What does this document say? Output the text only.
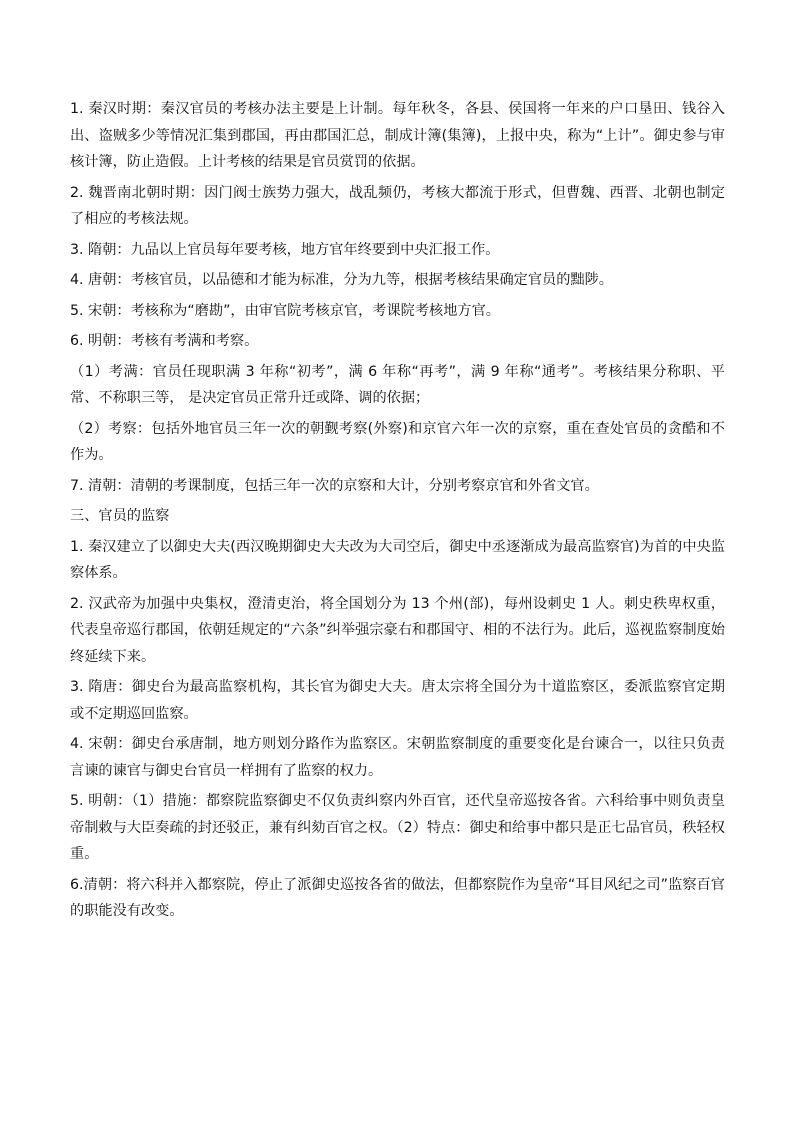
1. 秦汉时期：秦汉官员的考核办法主要是上计制。每年秋冬，各县、侯国将一年来的户口垦田、钱谷入出、盗贼多少等情况汇集到郡国，再由郡国汇总，制成计簿(集簿)，上报中央，称为“上计”。御史参与审核计簿，防止造假。上计考核的结果是官员赏罚的依据。

2. 魏晋南北朝时期：因门阀士族势力强大，战乱频仍，考核大都流于形式，但曹魏、西晋、北朝也制定了相应的考核法规。

3. 隋朝：九品以上官员每年要考核，地方官年终要到中央汇报工作。

4. 唐朝：考核官员，以品德和才能为标准，分为九等，根据考核结果确定官员的黜陟。

5. 宋朝：考核称为“磨勘”，由审官院考核京官，考课院考核地方官。

6. 明朝：考核有考满和考察。

（1）考满：官员任现职满 3 年称“初考”，满 6 年称“再考”，满 9 年称“通考”。考核结果分称职、平常、不称职三等， 是决定官员正常升迁或降、调的依据；

（2）考察：包括外地官员三年一次的朝觐考察(外察)和京官六年一次的京察，重在查处官员的贪酷和不作为。

7. 清朝：清朝的考课制度，包括三年一次的京察和大计，分别考察京官和外省文官。

三、官员的监察

1. 秦汉建立了以御史大夫(西汉晚期御史大夫改为大司空后，御史中丞逐渐成为最高监察官)为首的中央监察体系。

2. 汉武帝为加强中央集权，澄清吏治，将全国划分为 13 个州(部)，每州设刺史 1 人。刺史秩卑权重，代表皇帝巡行郡国，依朝廷规定的“六条”纠举强宗豪右和郡国守、相的不法行为。此后，巡视监察制度始终延续下来。

3. 隋唐：御史台为最高监察机构，其长官为御史大夫。唐太宗将全国分为十道监察区，委派监察官定期或不定期巡回监察。

4. 宋朝：御史台承唐制，地方则划分路作为监察区。宋朝监察制度的重要变化是台谏合一，以往只负责言谏的谏官与御史台官员一样拥有了监察的权力。

5. 明朝：（1）措施：都察院监察御史不仅负责纠察内外百官，还代皇帝巡按各省。六科给事中则负责皇帝制敕与大臣奏疏的封还驳正，兼有纠劾百官之权。（2）特点：御史和给事中都只是正七品官员，秩轻权重。

6.清朝：将六科并入都察院，停止了派御史巡按各省的做法，但都察院作为皇帝“耳目风纪之司”监察百官的职能没有改变。
